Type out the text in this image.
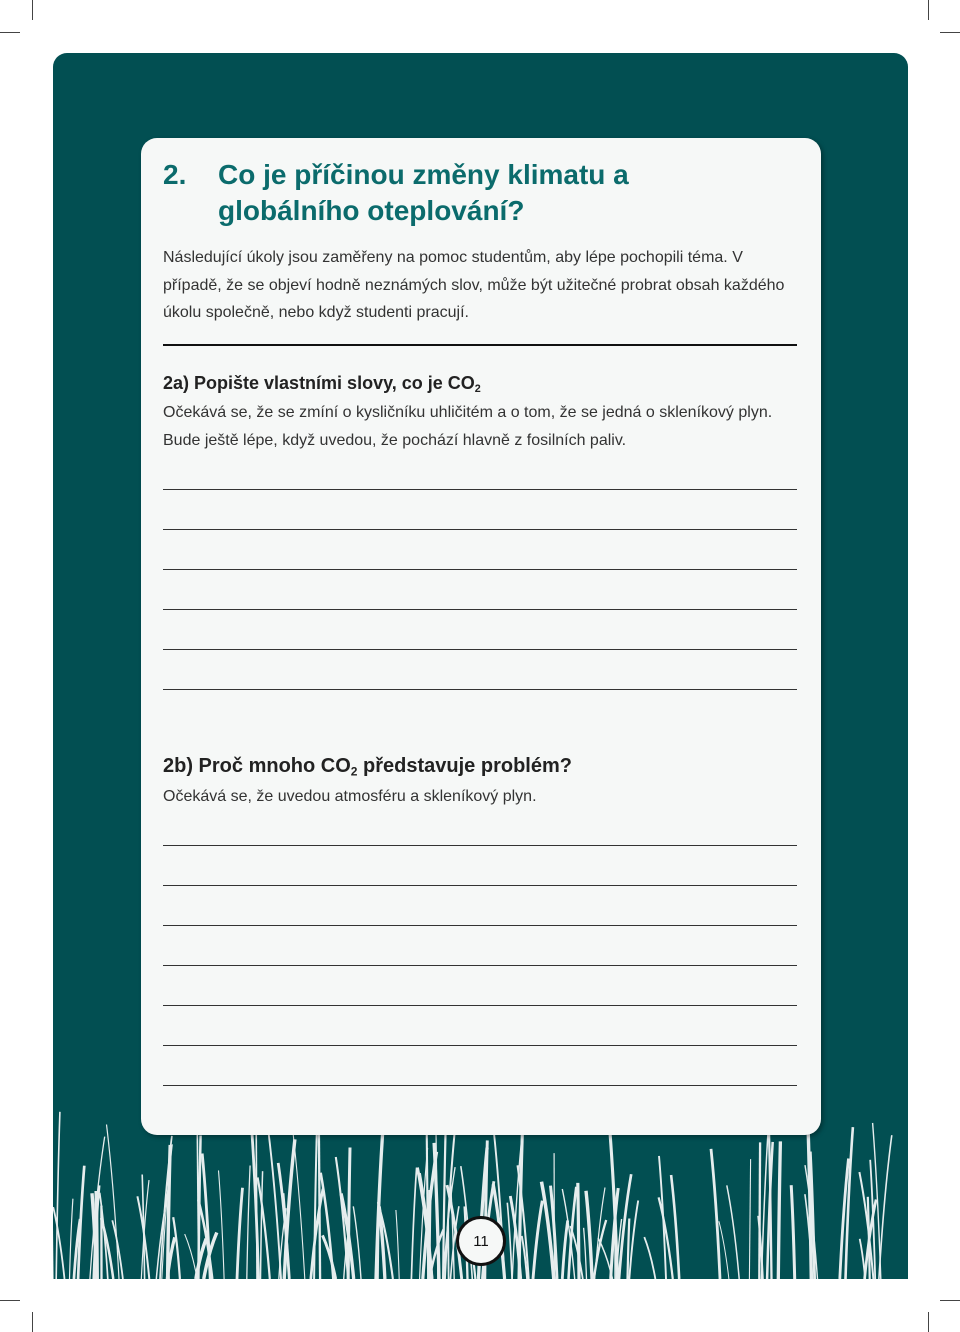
2. Co je příčinou změny klimatu a globálního oteplování?
Následující úkoly jsou zaměřeny na pomoc studentům, aby lépe pochopili téma. V případě, že se objeví hodně neznámých slov, může být užitečné probrat obsah každého úkolu společně, nebo když studenti pracují.
2a) Popište vlastními slovy, co je $CO_2$
Očekává se, že se zmíní o kysličníku uhličitém a o tom, že se jedná o skleníkový plyn. Bude ještě lépe, když uvedou, že pochází hlavně z fosilních paliv.
2b) Proč mnoho $CO_2$ představuje problém?
Očekává se, že uvedou atmosféru a skleníkový plyn.
11
